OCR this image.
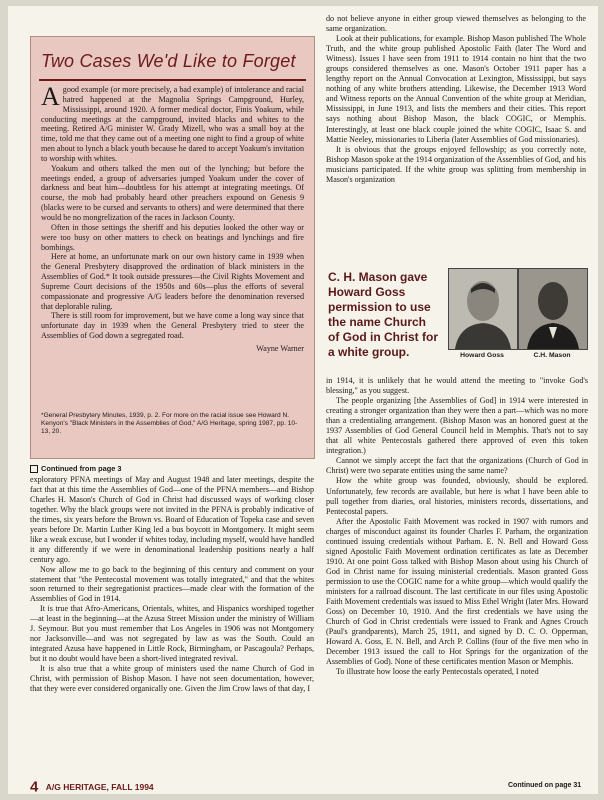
Two Cases We'd Like to Forget

Agood example (or more precisely, a bad example) of intolerance and racial hatred happened at the Magnolia Springs Campground, Hurley, Mississippi, around 1920. A former medical doctor, Finis Yoakum, while conducting meetings at the campground, invited blacks and whites to the meeting. Retired A/G minister W. Grady Mizell, who was a small boy at the time, told me that they came out of a meeting one night to find a group of white men about to lynch a black youth because he dared to accept Yoakum's invitation to worship with whites.

Yoakum and others talked the men out of the lynching; but before the meetings ended, a group of adversaries jumped Yoakum under the cover of darkness and beat him—doubtless for his attempt at integrating meetings. Of course, the mob had probably heard other preachers expound on Genesis 9 (blacks were to be cursed and servants to others) and were determined that there would be no mongrelization of the races in Jackson County.

Often in those settings the sheriff and his deputies looked the other way or were too busy on other matters to check on beatings and lynchings and fire bombings.

Here at home, an unfortunate mark on our own history came in 1939 when the General Presbytery disapproved the ordination of black ministers in the Assemblies of God.* It took outside pressures—the Civil Rights Movement and Supreme Court decisions of the 1950s and 60s—plus the efforts of several compassionate and progressive A/G leaders before the denomination reversed that deplorable ruling.

There is still room for improvement, but we have come a long way since that unfortunate day in 1939 when the General Presbytery tried to steer the Assemblies of God down a segregated road.

Wayne Warner

*General Presbytery Minutes, 1939, p. 2. For more on the racial issue see Howard N. Kenyon's "Black Ministers in the Assemblies of God," A/G Heritage, spring 1987, pp. 10-13, 20.
Continued from page 3

exploratory PFNA meetings of May and August 1948 and later meetings, despite the fact that at this time the Assemblies of God—one of the PFNA members—and Bishop Charles H. Mason's Church of God in Christ had discussed ways of working closer together. Why the black groups were not invited in the PFNA is probably indicative of the times, six years before the Brown vs. Board of Education of Topeka case and seven years before Dr. Martin Luther King led a bus boycott in Montgomery. It might seem like a weak excuse, but I wonder if whites today, including myself, would have handled it any differently if we were in denominational leadership positions nearly a half century ago.

Now allow me to go back to the beginning of this century and comment on your statement that "the Pentecostal movement was totally integrated," and that the whites soon returned to their segregationist practices—made clear with the formation of the Assemblies of God in 1914.

It is true that Afro-Americans, Orientals, whites, and Hispanics worshiped together—at least in the beginning—at the Azusa Street Mission under the ministry of William J. Seymour. But you must remember that Los Angeles in 1906 was not Montgomery nor Jacksonville—and was not segregated by law as was the South. Could an integrated Azusa have happened in Little Rock, Birmingham, or Pascagoula? Perhaps, but it no doubt would have been a short-lived integrated revival.

It is also true that a white group of ministers used the name Church of God in Christ, with permission of Bishop Mason. I have not seen documentation, however, that they were ever considered organically one. Given the Jim Crow laws of that day, I

do not believe anyone in either group viewed themselves as belonging to the same organization.

Look at their publications, for example. Bishop Mason published The Whole Truth, and the white group published Apostolic Faith (later The Word and Witness). Issues I have seen from 1911 to 1914 contain no hint that the two groups considered themselves as one. Mason's October 1911 paper has a lengthy report on the Annual Convocation at Lexington, Mississippi, but says nothing of any white brothers attending. Likewise, the December 1913 Word and Witness reports on the Annual Convention of the white group at Meridian, Mississippi, in June 1913, and lists the members and their cities. This report says nothing about Bishop Mason, the black COGIC, or Memphis. Interestingly, at least one black couple joined the white COGIC, Isaac S. and Mattie Neeley, missionaries to Liberia (later Assemblies of God missionaries).

It is obvious that the groups enjoyed fellowship; as you correctly note, Bishop Mason spoke at the 1914 organization of the Assemblies of God, and his musicians participated. If the white group was splitting from membership in Mason's organization

C. H. Mason gave Howard Goss permission to use the name Church of God in Christ for a white group.	Howard Goss	C.H. Mason

in 1914, it is unlikely that he would attend the meeting to "invoke God's blessing," as you suggest.

The people organizing [the Assemblies of God] in 1914 were interested in creating a stronger organization than they were then a part—which was no more than a credentialing arrangement. (Bishop Mason was an honored guest at the 1937 Assemblies of God General Council held in Memphis. That's not to say that all white Pentecostals gathered there approved of even this token integration.)

Cannot we simply accept the fact that the organizations (Church of God in Christ) were two separate entities using the same name?

How the white group was founded, obviously, should be explored. Unfortunately, few records are available, but here is what I have been able to pull together from diaries, oral histories, ministers records, dissertations, and Pentecostal papers.

After the Apostolic Faith Movement was rocked in 1907 with rumors and charges of misconduct against its founder Charles F. Parham, the organization continued issuing credentials without Parham. E. N. Bell and Howard Goss signed Apostolic Faith Movement ordination certificates as late as December 1910. At one point Goss talked with Bishop Mason about using his Church of God in Christ name for issuing ministerial credentials. Mason granted Goss permission to use the COGIC name for a white group—which would qualify the ministers for a railroad discount. The last certificate in our files using Apostolic Faith Movement credentials was issued to Miss Ethel Wright (later Mrs. Howard Goss) on December 10, 1910. And the first credentials we have using the Church of God in Christ credentials were issued to Frank and Agnes Crouch (Paul's grandparents), March 25, 1911, and signed by D. C. O. Opperman, Howard A. Goss, E. N. Bell, and Arch P. Collins (four of the five men who in December 1913 issued the call to Hot Springs for the organization of the Assemblies of God). None of these certificates mention Mason or Memphis.

To illustrate how loose the early Pentecostals operated, I noted

Continued on page 31
4 A/G HERITAGE, FALL 1994
